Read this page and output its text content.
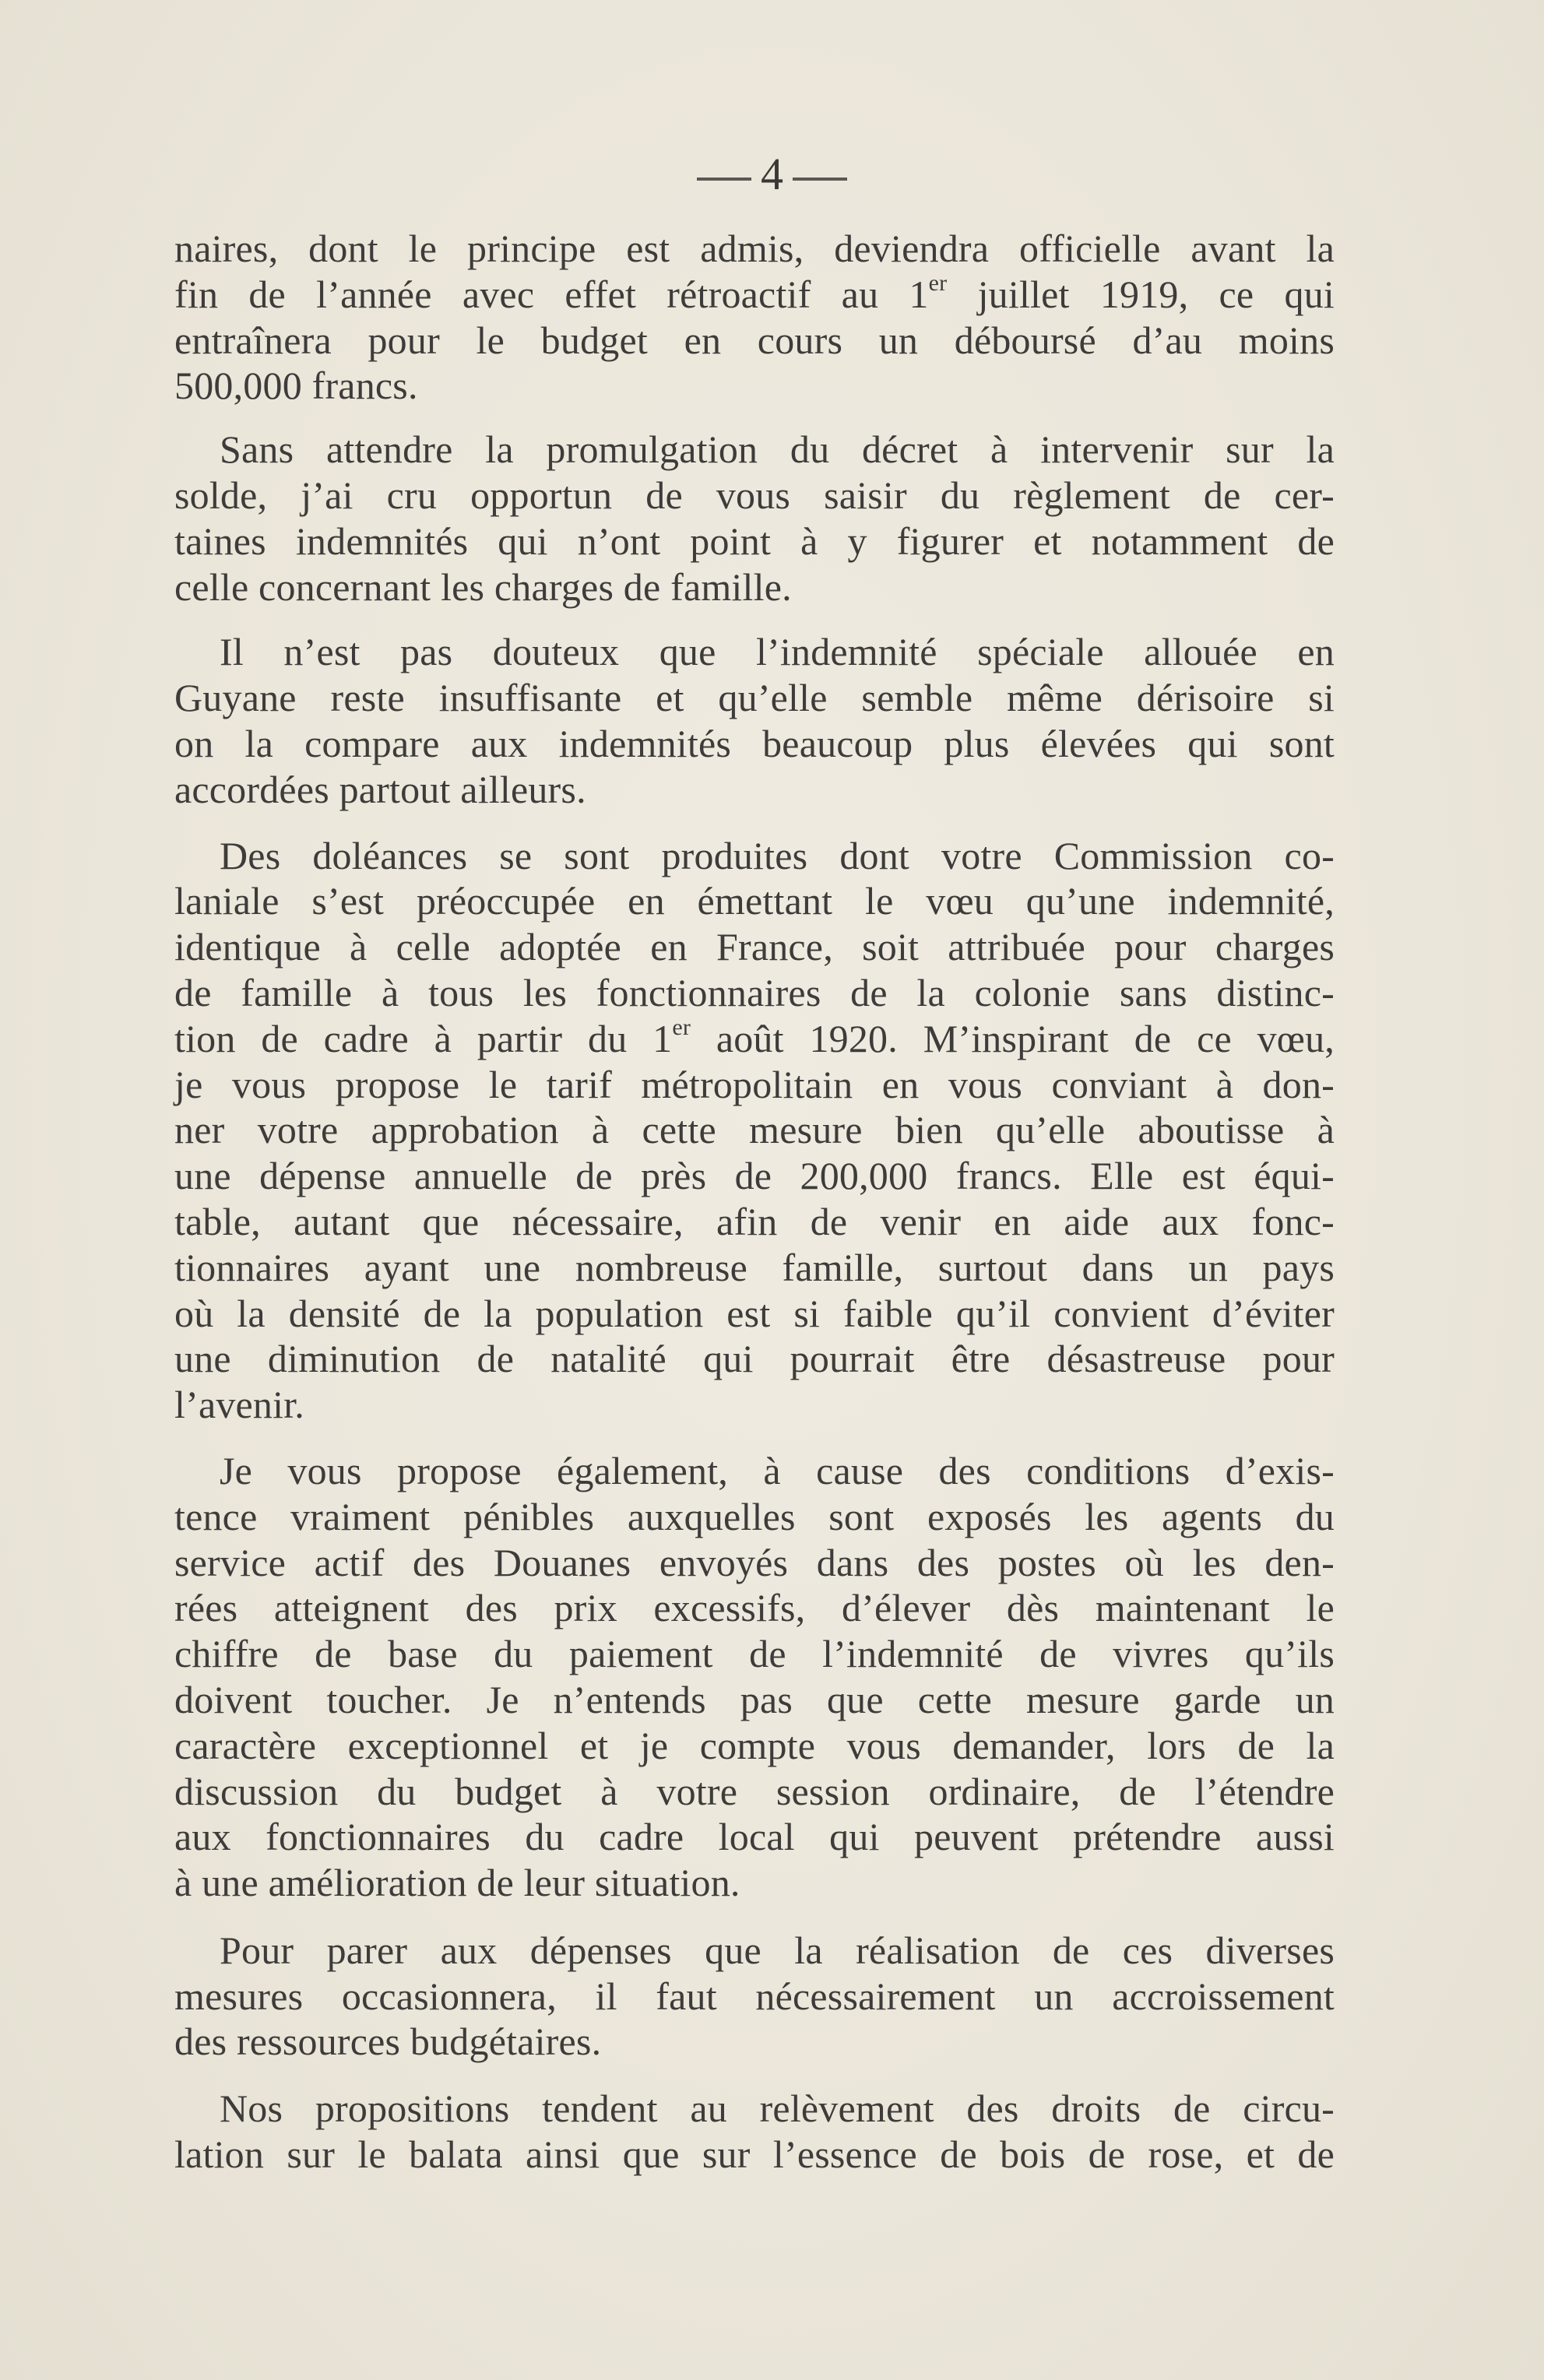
4
naires, dont le principe est admis, deviendra officielle avant la
fin de l’année avec effet rétroactif au 1er juillet 1919, ce qui
entraînera pour le budget en cours un déboursé d’au moins
500,000 francs.
Sans attendre la promulgation du décret à intervenir sur la
solde, j’ai cru opportun de vous saisir du règlement de cer-
taines indemnités qui n’ont point à y figurer et notamment de
celle concernant les charges de famille.
Il n’est pas douteux que l’indemnité spéciale allouée en
Guyane reste insuffisante et qu’elle semble même dérisoire si
on la compare aux indemnités beaucoup plus élevées qui sont
accordées partout ailleurs.
Des doléances se sont produites dont votre Commission co-
laniale s’est préoccupée en émettant le vœu qu’une indemnité,
identique à celle adoptée en France, soit attribuée pour charges
de famille à tous les fonctionnaires de la colonie sans distinc-
tion de cadre à partir du 1er août 1920. M’inspirant de ce vœu,
je vous propose le tarif métropolitain en vous conviant à don-
ner votre approbation à cette mesure bien qu’elle aboutisse à
une dépense annuelle de près de 200,000 francs. Elle est équi-
table, autant que nécessaire, afin de venir en aide aux fonc-
tionnaires ayant une nombreuse famille, surtout dans un pays
où la densité de la population est si faible qu’il convient d’éviter
une diminution de natalité qui pourrait être désastreuse pour
l’avenir.
Je vous propose également, à cause des conditions d’exis-
tence vraiment pénibles auxquelles sont exposés les agents du
service actif des Douanes envoyés dans des postes où les den-
rées atteignent des prix excessifs, d’élever dès maintenant le
chiffre de base du paiement de l’indemnité de vivres qu’ils
doivent toucher. Je n’entends pas que cette mesure garde un
caractère exceptionnel et je compte vous demander, lors de la
discussion du budget à votre session ordinaire, de l’étendre
aux fonctionnaires du cadre local qui peuvent prétendre aussi
à une amélioration de leur situation.
Pour parer aux dépenses que la réalisation de ces diverses
mesures occasionnera, il faut nécessairement un accroissement
des ressources budgétaires.
Nos propositions tendent au relèvement des droits de circu-
lation sur le balata ainsi que sur l’essence de bois de rose, et de
